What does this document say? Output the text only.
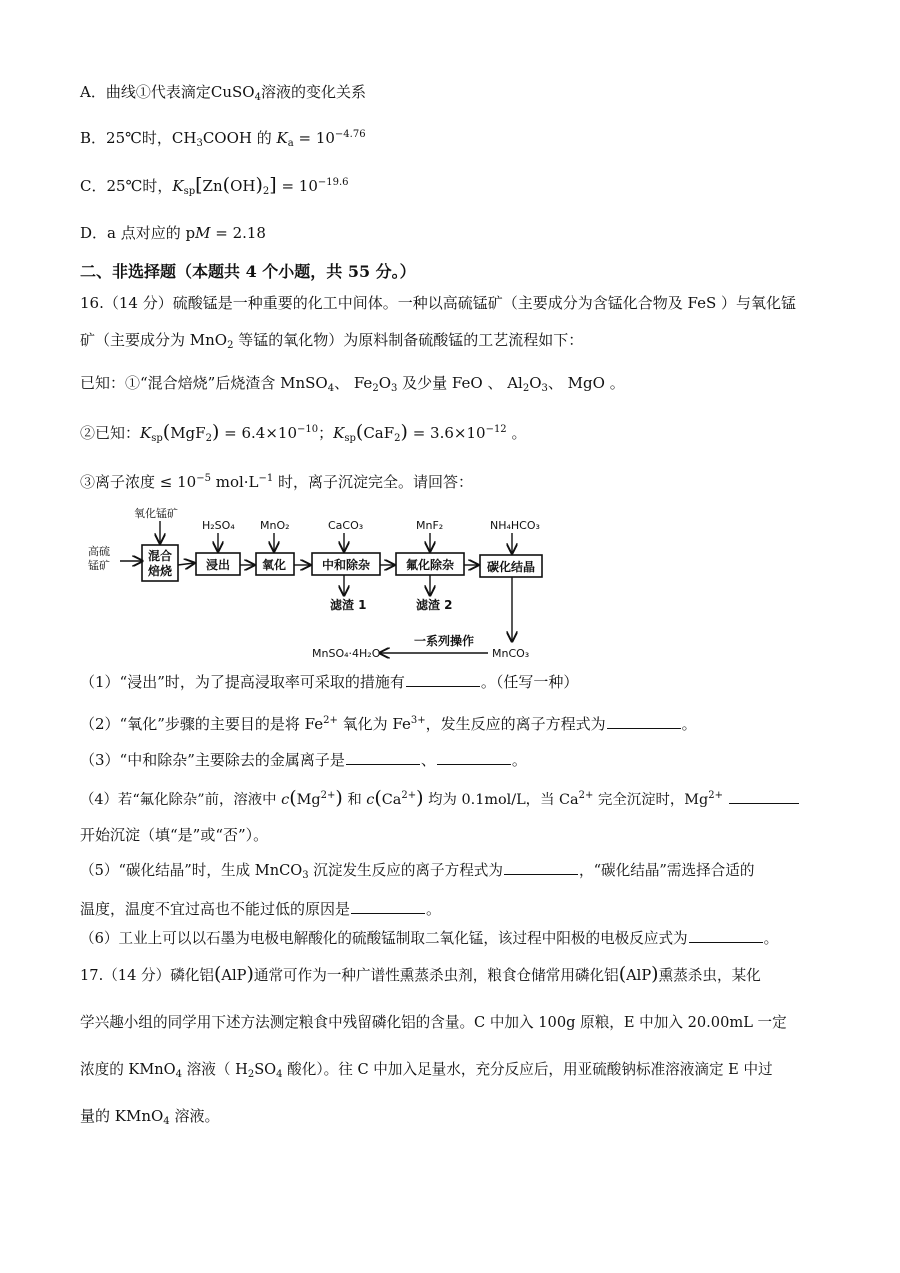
A．曲线①代表滴定CuSO$_4$溶液的变化关系
B．25℃时，$CH_3COOH$ 的 $K_a = 10^{-4.76}$
C．25℃时，$K_{sp}[Zn(OH)_2] = 10^{-19.6}$
D．a 点对应的 pM = 2.18
二、非选择题（本题共 4 个小题，共 55 分。）
16.（14 分）硫酸锰是一种重要的化工中间体。一种以高硫锰矿（主要成分为含锰化合物及 FeS ）与氧化锰
矿（主要成分为 MnO$_2$ 等锰的氧化物）为原料制备硫酸锰的工艺流程如下：
已知：①“混合焙烧”后烧渣含 MnSO$_4$、 $Fe_2O_3$ 及少量 FeO 、 $Al_2O_3$、 MgO 。
②已知：$K_{sp}(MgF_2) = 6.4\times 10^{-10}$；$K_{sp}(CaF_2) = 3.6\times 10^{-12}$ 。
③离子浓度 ≤ $10^{-5}$ $mol\cdot L^{-1}$ 时，离子沉淀完全。请回答：
高硫
锰矿
氧化锰矿
混合
焙烧
H₂SO₄
浸出
MnO₂
氧化
CaCO₃
中和除杂
滤渣 1
MnF₂
氟化除杂
滤渣 2
NH₄HCO₃
碳化结晶
MnCO₃
一系列操作
MnSO₄·4H₂O
（1）“浸出”时，为了提高浸取率可采取的措施有	。（任写一种）
（2）“氧化”步骤的主要目的是将 $Fe^{2+}$ 氧化为 $Fe^{3+}$，发生反应的离子方程式为	。
（3）“中和除杂”主要除去的金属离子是	、	。
（4）若“氟化除杂”前，溶液中 $c(Mg^{2+})$ 和 $c(Ca^{2+})$ 均为 0.1mol/L，当 $Ca^{2+}$ 完全沉淀时，$Mg^{2+}$
开始沉淀（填“是”或“否”）。
（5）“碳化结晶”时，生成 MnCO$_3$ 沉淀发生反应的离子方程式为	，“碳化结晶”需选择合适的
温度，温度不宜过高也不能过低的原因是	。
（6）工业上可以以石墨为电极电解酸化的硫酸锰制取二氧化锰，该过程中阳极的电极反应式为	。
17.（14 分）磷化铝(AlP)通常可作为一种广谱性熏蒸杀虫剂，粮食仓储常用磷化铝(AlP)熏蒸杀虫，某化
学兴趣小组的同学用下述方法测定粮食中残留磷化铝的含量。C 中加入 100g 原粮，E 中加入 20.00mL 一定
浓度的 KMnO$_4$ 溶液（ $H_2SO_4$ 酸化）。往 C 中加入足量水，充分反应后，用亚硫酸钠标准溶液滴定 E 中过
量的 KMnO$_4$ 溶液。
